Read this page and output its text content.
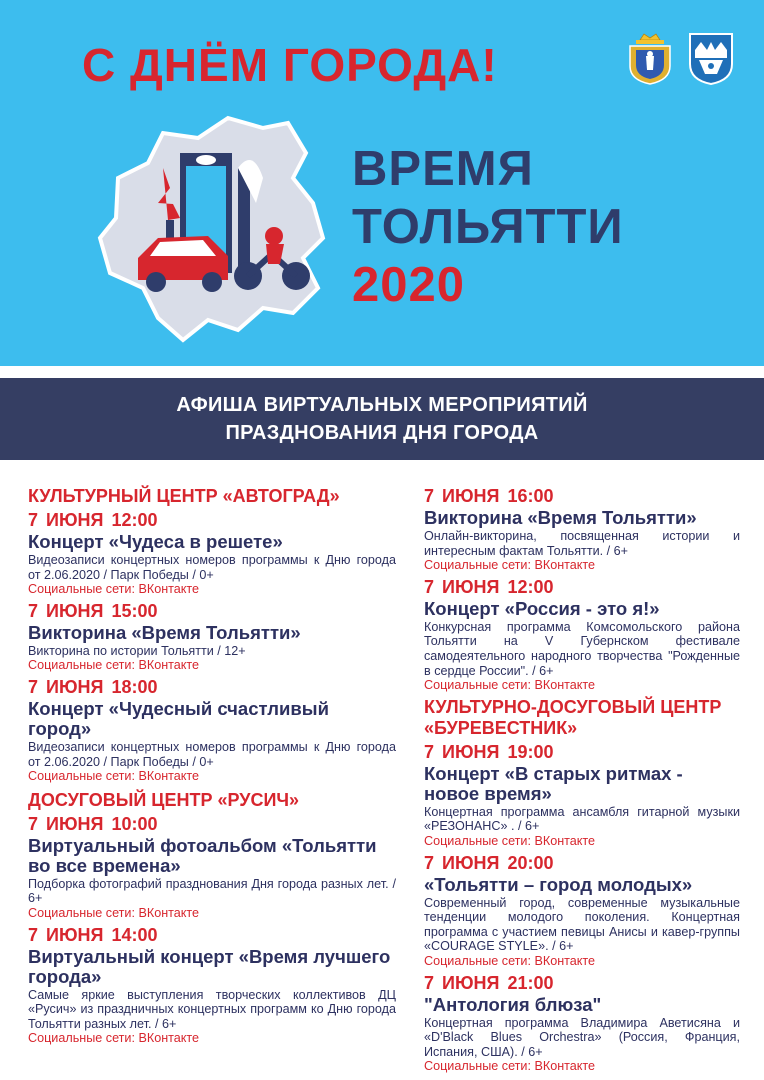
С ДНЁМ ГОРОДА!
ВРЕМЯ
ТОЛЬЯТТИ
2020
АФИША ВИРТУАЛЬНЫХ МЕРОПРИЯТИЙ
ПРАЗДНОВАНИЯ ДНЯ ГОРОДА

КУЛЬТУРНЫЙ ЦЕНТР «АВТОГРАД»

7 ИЮНЯ 12:00

Концерт «Чудеса в решете»

Видеозаписи концертных номеров программы к Дню города от 2.06.2020 / Парк Победы / 0+

Социальные сети: ВКонтакте

7 ИЮНЯ 15:00

Викторина «Время Тольятти»

Викторина по истории Тольятти / 12+

Социальные сети: ВКонтакте

7 ИЮНЯ 18:00

Концерт «Чудесный счастливый город»

Видеозаписи концертных номеров программы к Дню города от 2.06.2020 / Парк Победы / 0+

Социальные сети: ВКонтакте

ДОСУГОВЫЙ ЦЕНТР «РУСИЧ»

7 ИЮНЯ 10:00

Виртуальный фотоальбом «Тольятти во все времена»

Подборка фотографий празднования Дня города разных лет. / 6+

Социальные сети: ВКонтакте

7 ИЮНЯ 14:00

Виртуальный концерт «Время лучшего города»

Самые яркие выступления творческих коллективов ДЦ «Русич» из праздничных концертных программ ко Дню города Тольятти разных лет. / 6+

Социальные сети: ВКонтакте

7 ИЮНЯ 16:00

Викторина «Время Тольятти»

Онлайн-викторина, посвященная истории и интересным фактам Тольятти. / 6+

Социальные сети: ВКонтакте

7 ИЮНЯ 12:00

Концерт «Россия - это я!»

Конкурсная программа Комсомольского района Тольятти на V Губернском фестивале самодеятельного народного творчества "Рожденные в сердце России". / 6+

Социальные сети: ВКонтакте

КУЛЬТУРНО-ДОСУГОВЫЙ ЦЕНТР «БУРЕВЕСТНИК»

7 ИЮНЯ 19:00

Концерт «В старых ритмах - новое время»

Концертная программа ансамбля гитарной музыки «РЕЗОНАНС» . / 6+

Социальные сети: ВКонтакте

7 ИЮНЯ 20:00

«Тольятти – город молодых»

Современный город, современные музыкальные тенденции молодого поколения. Концертная программа с участием певицы Анисы и кавер-группы «COURAGE STYLE». / 6+

Социальные сети: ВКонтакте

7 ИЮНЯ 21:00

"Антология блюза"

Концертная программа Владимира Аветисяна и «D'Black Blues Orchestra» (Россия, Франция, Испания, США). / 6+

Социальные сети: ВКонтакте
